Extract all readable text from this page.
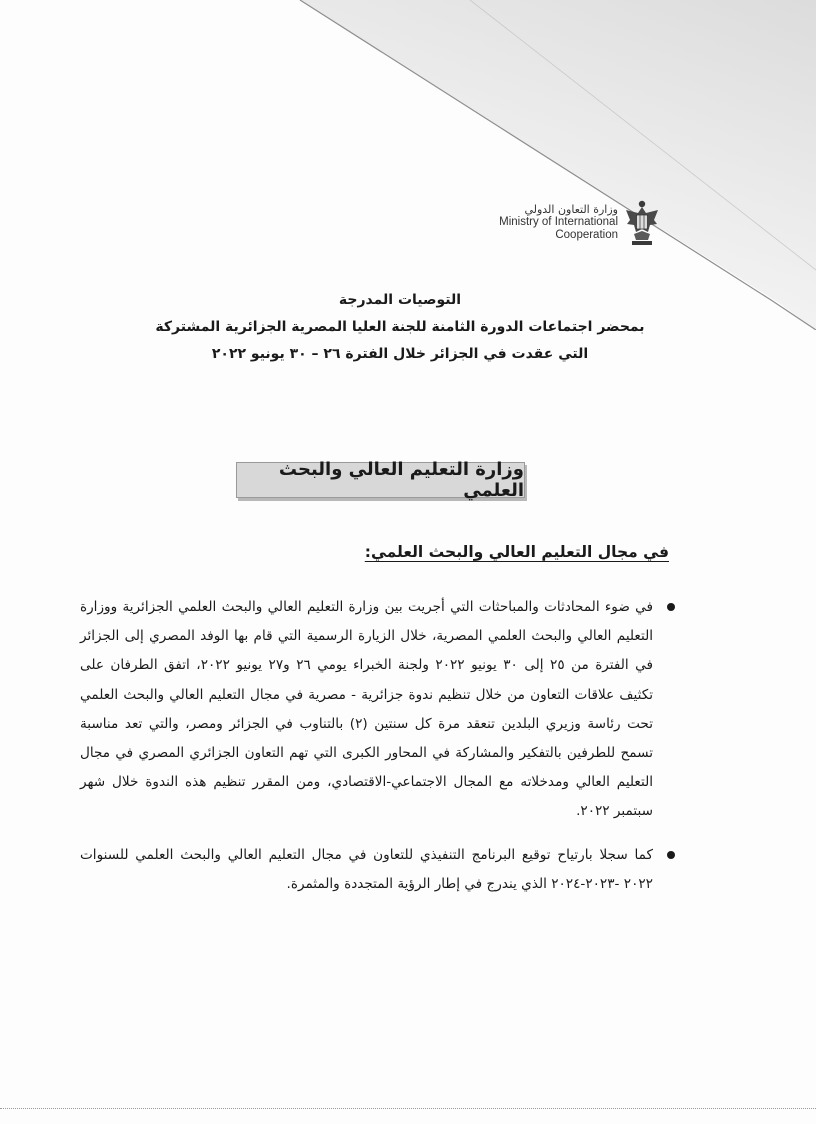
وزارة التعاون الدولي
Ministry of International
Cooperation
التوصيات المدرجة
بمحضر اجتماعات الدورة الثامنة للجنة العليا المصرية الجزائرية المشتركة
التي عقدت في الجزائر خلال الفترة ٢٦ – ٣٠ يونيو ٢٠٢٢
وزارة التعليم العالي والبحث العلمي
في مجال التعليم العالي والبحث العلمي:
في ضوء المحادثات والمباحثات التي أجريت بين وزارة التعليم العالي والبحث العلمي الجزائرية ووزارة التعليم العالي والبحث العلمي المصرية، خلال الزيارة الرسمية التي قام بها الوفد المصري إلى الجزائر في الفترة من ٢٥ إلى ٣٠ يونيو ٢٠٢٢ ولجنة الخبراء يومي ٢٦ و٢٧ يونيو ٢٠٢٢، اتفق الطرفان على تكثيف علاقات التعاون من خلال تنظيم ندوة جزائرية - مصرية في مجال التعليم العالي والبحث العلمي تحت رئاسة وزيري البلدين تنعقد مرة كل سنتين (٢) بالتناوب في الجزائر ومصر، والتي تعد مناسبة تسمح للطرفين بالتفكير والمشاركة في المحاور الكبرى التي تهم التعاون الجزائري المصري في مجال التعليم العالي ومدخلاته مع المجال الاجتماعي-الاقتصادي، ومن المقرر تنظيم هذه الندوة خلال شهر سبتمبر ٢٠٢٢.
كما سجلا بارتياح توقيع البرنامج التنفيذي للتعاون في مجال التعليم العالي والبحث العلمي للسنوات ٢٠٢٢ -٢٠٢٣-٢٠٢٤ الذي يندرج في إطار الرؤية المتجددة والمثمرة.
